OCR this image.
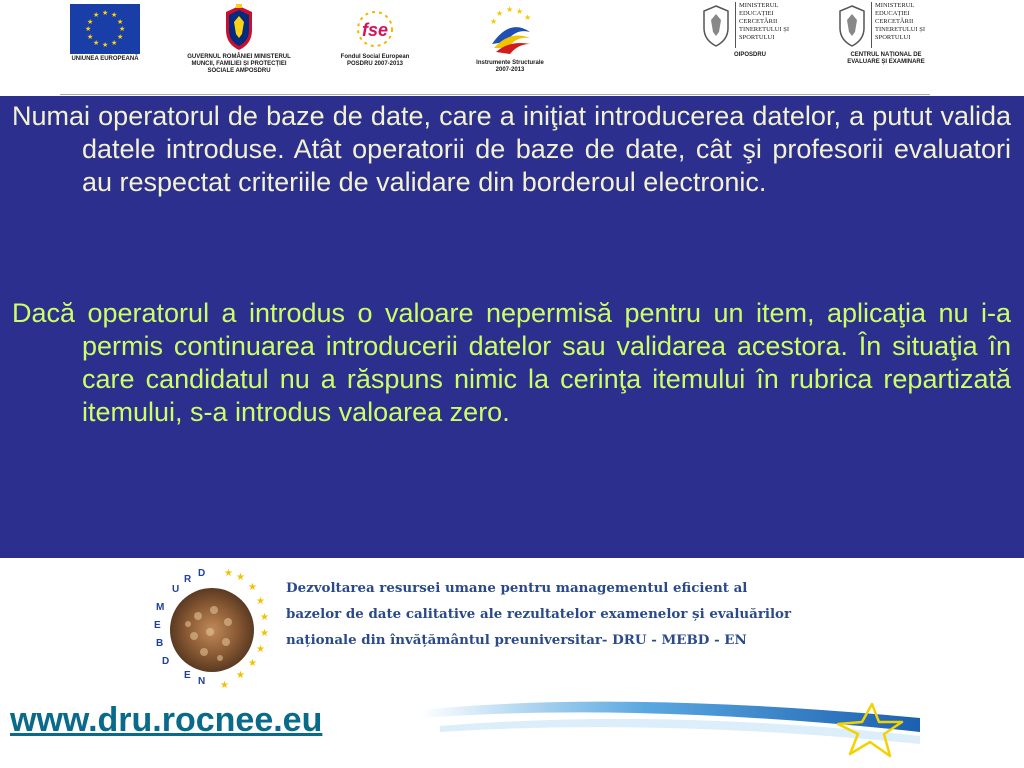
★ ★
★
★
★
★
★
★
★
★
★
★
UNIUNEA EUROPEANĂ	GUVERNUL ROMÂNIEI MINISTERUL MUNCII, FAMILIEI ȘI PROTECȚIEI SOCIALE AMPOSDRU
fse
Fondul Social European POSDRU 2007-2013
★ ★ ★
★
★
Instrumente Structurale 2007-2013
MINISTERUL EDUCAȚIEI CERCETĂRII TINERETULUI ȘI SPORTULUI
OIPOSDRU
MINISTERUL EDUCAȚIEI CERCETĂRII TINERETULUI ȘI SPORTULUI
CENTRUL NAȚIONAL DE EVALUARE ȘI EXAMINARE

Numai operatorul de baze de date, care a iniţiat introducerea datelor, a putut valida datele introduse. Atât operatorii de baze de date, cât şi profesorii evaluatori au respectat criteriile de validare din borderoul electronic.

Dacă operatorul a introdus o valoare nepermisă pentru un item, aplicaţia nu i-a permis continuarea introducerii datelor sau validarea acestora. În situaţia în care candidatul nu a răspuns nimic la cerinţa itemului în rubrica repartizată itemului, s-a introdus valoarea zero.

★
★
★
★
★
★
★
★
★
★
U
R
D
M
E
B
D
E
N
Dezvoltarea resursei umane pentru managementul eficient al
bazelor de date calitative ale rezultatelor examenelor și evaluărilor
naționale din învățământul preuniversitar- DRU - MEBD - EN
www.dru.rocnee.eu
